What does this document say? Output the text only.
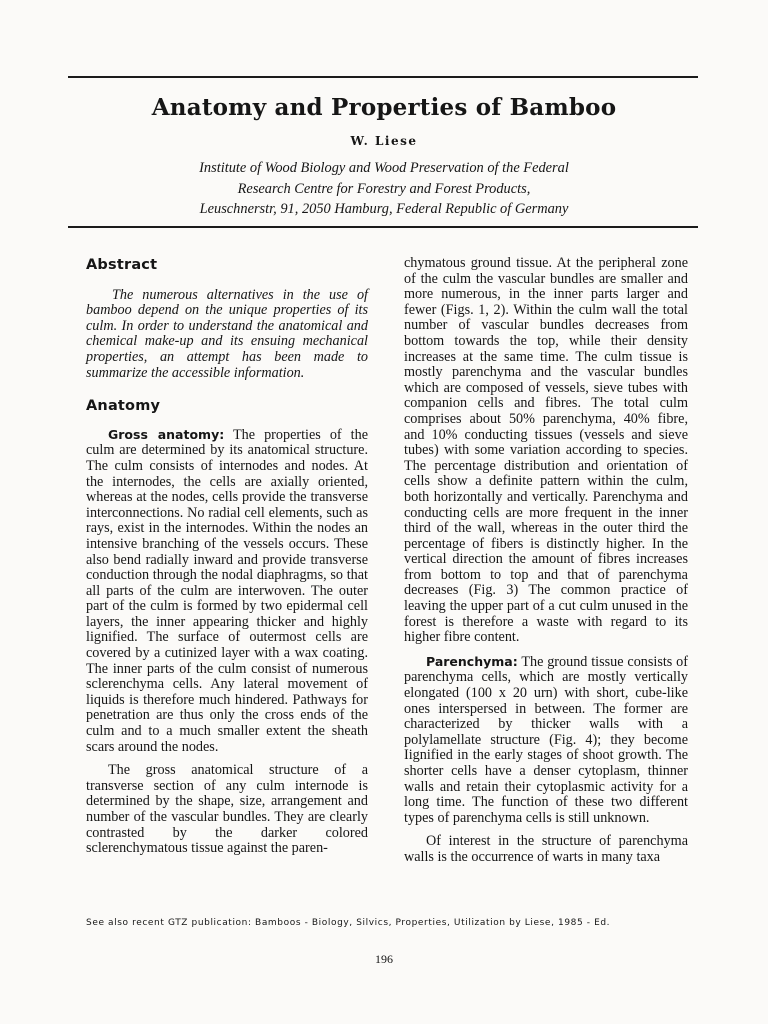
Anatomy and Properties of Bamboo
W. Liese
Institute of Wood Biology and Wood Preservation of the Federal
Research Centre for Forestry and Forest Products,
Leuschnerstr, 91, 2050 Hamburg, Federal Republic of Germany
Abstract

The numerous alternatives in the use of bamboo depend on the unique properties of its culm. In order to understand the anatomical and chemical make-up and its ensuing mechanical properties, an attempt has been made to summarize the accessible information.

Anatomy

Gross anatomy: The properties of the culm are determined by its anatomical structure. The culm consists of internodes and nodes. At the internodes, the cells are axially oriented, whereas at the nodes, cells provide the transverse interconnections. No radial cell elements, such as rays, exist in the internodes. Within the nodes an intensive branching of the vessels occurs. These also bend radially inward and provide transverse conduction through the nodal diaphragms, so that all parts of the culm are interwoven. The outer part of the culm is formed by two epidermal cell layers, the inner appearing thicker and highly lignified. The surface of outermost cells are covered by a cutinized layer with a wax coating. The inner parts of the culm consist of numerous sclerenchyma cells. Any lateral movement of liquids is therefore much hindered. Pathways for penetration are thus only the cross ends of the culm and to a much smaller extent the sheath scars around the nodes.

The gross anatomical structure of a transverse section of any culm internode is determined by the shape, size, arrangement and number of the vascular bundles. They are clearly contrasted by the darker colored sclerenchymatous tissue against the paren-

chymatous ground tissue. At the peripheral zone of the culm the vascular bundles are smaller and more numerous, in the inner parts larger and fewer (Figs. 1, 2). Within the culm wall the total number of vascular bundles decreases from bottom towards the top, while their density increases at the same time. The culm tissue is mostly parenchyma and the vascular bundles which are composed of vessels, sieve tubes with companion cells and fibres. The total culm comprises about 50% parenchyma, 40% fibre, and 10% conducting tissues (vessels and sieve tubes) with some variation according to species. The percentage distribution and orientation of cells show a definite pattern within the culm, both horizontally and vertically. Parenchyma and conducting cells are more frequent in the inner third of the wall, whereas in the outer third the percentage of fibers is distinctly higher. In the vertical direction the amount of fibres increases from bottom to top and that of parenchyma decreases (Fig. 3) The common practice of leaving the upper part of a cut culm unused in the forest is therefore a waste with regard to its higher fibre content.

Parenchyma: The ground tissue consists of parenchyma cells, which are mostly vertically elongated (100 x 20 urn) with short, cube-like ones interspersed in between. The former are characterized by thicker walls with a polylamellate structure (Fig. 4); they become Iignified in the early stages of shoot growth. The shorter cells have a denser cytoplasm, thinner walls and retain their cytoplasmic activity for a long time. The function of these two different types of parenchyma cells is still unknown.

Of interest in the structure of parenchyma walls is the occurrence of warts in many taxa

See also recent GTZ publication: Bamboos - Biology, Silvics, Properties, Utilization by Liese, 1985 - Ed.
196
